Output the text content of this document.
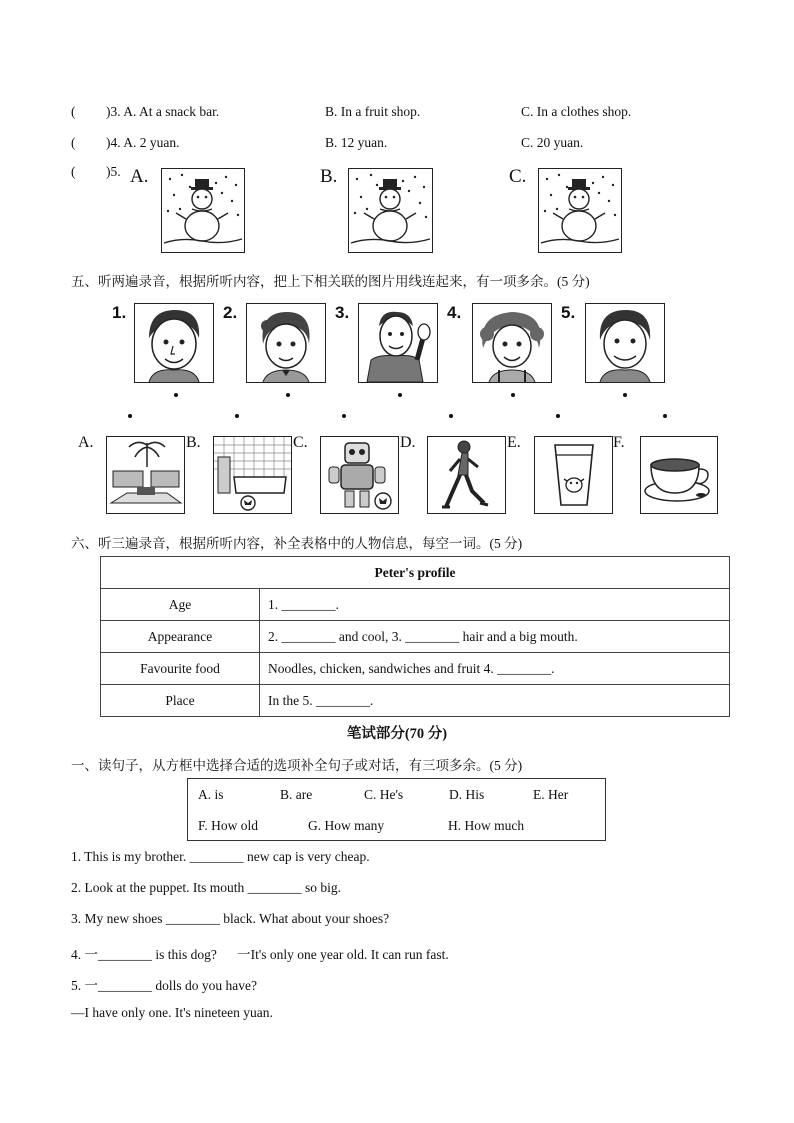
( )3. A. At a snack bar.	B. In a fruit shop.	C. In a clothes shop.
( )4. A. 2 yuan.	B. 12 yuan.	C. 20 yuan.
( )5. A.	B.	C.
五、听两遍录音，根据所听内容，把上下相关联的图片用线连起来，有一项多余。(5 分)
1.	2.	3.	4.	5.
A.	B.	C.	D.	E.	F.
六、听三遍录音，根据所听内容，补全表格中的人物信息，每空一词。(5 分)
Peter's profile	
Age	1. ________.
Appearance	2. ________ and cool, 3. ________ hair and a big mouth.
Favourite food	Noodles, chicken, sandwiches and fruit 4. ________.
Place	In the 5. ________.
笔试部分(70 分)
一、读句子，从方框中选择合适的选项补全句子或对话，有三项多余。(5 分)
A. is	B. are	C. He's	D. His	E. Her
F. How old	G. How many	H. How much
1. This is my brother. ________ new cap is very cheap.
2. Look at the puppet. Its mouth ________ so big.
3. My new shoes ________ black. What about your shoes?
4. 一________ is this dog?      一It's only one year old. It can run fast.
5. 一________ dolls do you have?
—I have only one. It's nineteen yuan.
